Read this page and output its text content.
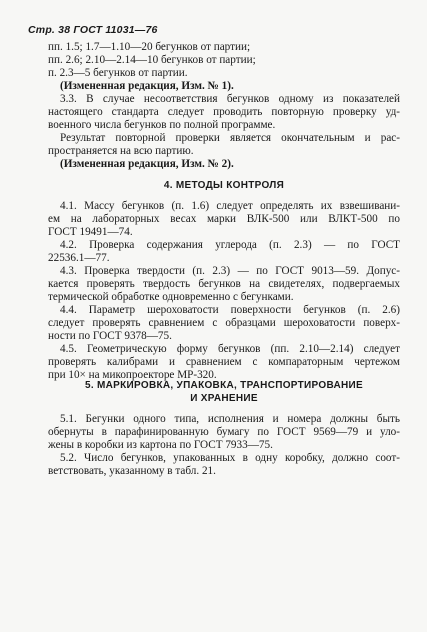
Стр. 38 ГОСТ 11031—76
пп. 1.5; 1.7—1.10—20 бегунков от партии;
пп. 2.6; 2.10—2.14—10 бегунков от партии;
п. 2.3—5 бегунков от партии.
(Измененная редакция, Изм. № 1).
3.3. В случае несоответствия бегунков одному из показателей
настоящего стандарта следует проводить повторную проверку уд-
военного числа бегунков по полной программе.
Результат повторной проверки является окончательным и рас-
пространяется на всю партию.
(Измененная редакция, Изм. № 2).
4. МЕТОДЫ КОНТРОЛЯ
4.1. Массу бегунков (п. 1.6) следует определять их взвешивани-
ем на лабораторных весах марки ВЛК-500 или ВЛКТ-500 по
ГОСТ 19491—74.
4.2. Проверка содержания углерода (п. 2.3) — по ГОСТ
22536.1—77.
4.3. Проверка твердости (п. 2.3) — по ГОСТ 9013—59. Допус-
кается проверять твердость бегунков на свидетелях, подвергаемых
термической обработке одновременно с бегунками.
4.4. Параметр шероховатости поверхности бегунков (п. 2.6)
следует проверять сравнением с образцами шероховатости поверх-
ности по ГОСТ 9378—75.
4.5. Геометрическую форму бегунков (пп. 2.10—2.14) следует
проверять калибрами и сравнением с компараторным чертежом
при 10× на микопроекторе МР-320.
5. МАРКИРОВКА, УПАКОВКА, ТРАНСПОРТИРОВАНИЕ
И ХРАНЕНИЕ
5.1. Бегунки одного типа, исполнения и номера должны быть
обернуты в парафинированную бумагу по ГОСТ 9569—79 и уло-
жены в коробки из картона по ГОСТ 7933—75.
5.2. Число бегунков, упакованных в одну коробку, должно соот-
ветствовать, указанному в табл. 21.
